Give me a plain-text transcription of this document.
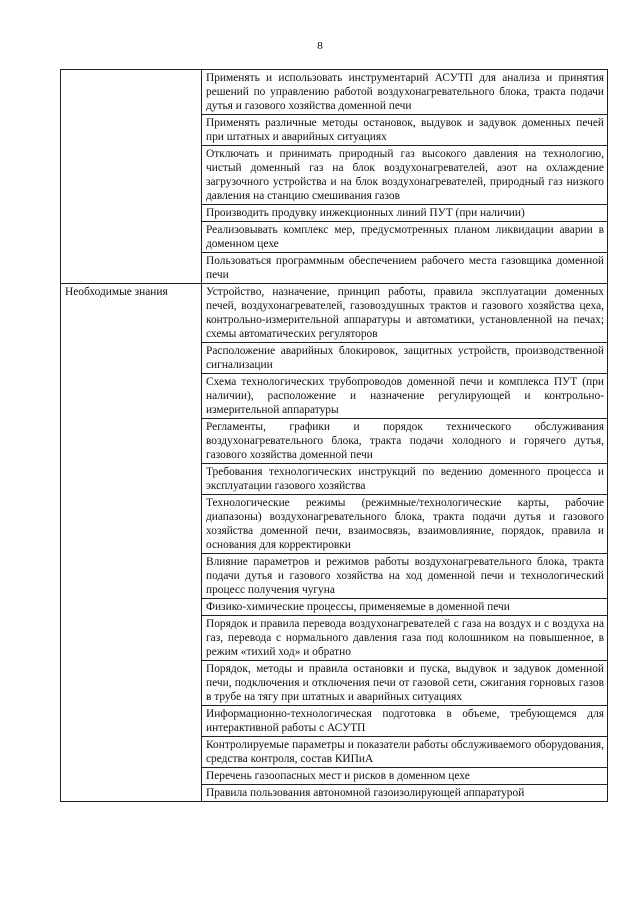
8
	Применять и использовать инструментарий АСУТП для анализа и принятия решений по управлению работой воздухонагревательного блока, тракта подачи дутья и газового хозяйства доменной печи
	Применять различные методы остановок, выдувок и задувок доменных печей при штатных и аварийных ситуациях
	Отключать и принимать природный газ высокого давления на технологию, чистый доменный газ на блок воздухонагревателей, азот на охлаждение загрузочного устройства и на блок воздухонагревателей, природный газ низкого давления на станцию смешивания газов
	Производить продувку инжекционных линий ПУТ (при наличии)
	Реализовывать комплекс мер, предусмотренных планом ликвидации аварии в доменном цехе
	Пользоваться программным обеспечением рабочего места газовщика доменной печи
Необходимые знания	Устройство, назначение, принцип работы, правила эксплуатации доменных печей, воздухонагревателей, газовоздушных трактов и газового хозяйства цеха, контрольно-измерительной аппаратуры и автоматики, установленной на печах; схемы автоматических регуляторов
	Расположение аварийных блокировок, защитных устройств, производственной сигнализации
	Схема технологических трубопроводов доменной печи и комплекса ПУТ (при наличии), расположение и назначение регулирующей и контрольно-измерительной аппаратуры
	Регламенты, графики и порядок технического обслуживания воздухонагревательного блока, тракта подачи холодного и горячего дутья, газового хозяйства доменной печи
	Требования технологических инструкций по ведению доменного процесса и эксплуатации газового хозяйства
	Технологические режимы (режимные/технологические карты, рабочие диапазоны) воздухонагревательного блока, тракта подачи дутья и газового хозяйства доменной печи, взаимосвязь, взаимовлияние, порядок, правила и основания для корректировки
	Влияние параметров и режимов работы воздухонагревательного блока, тракта подачи дутья и газового хозяйства на ход доменной печи и технологический процесс получения чугуна
	Физико-химические процессы, применяемые в доменной печи
	Порядок и правила перевода воздухонагревателей с газа на воздух и с воздуха на газ, перевода с нормального давления газа под колошником на повышенное, в режим «тихий ход» и обратно
	Порядок, методы и правила остановки и пуска, выдувок и задувок доменной печи, подключения и отключения печи от газовой сети, сжигания горновых газов в трубе на тягу при штатных и аварийных ситуациях
	Информационно-технологическая подготовка в объеме, требующемся для интерактивной работы с АСУТП
	Контролируемые параметры и показатели работы обслуживаемого оборудования, средства контроля, состав КИПиА
	Перечень газоопасных мест и рисков в доменном цехе
	Правила пользования автономной газоизолирующей аппаратурой
